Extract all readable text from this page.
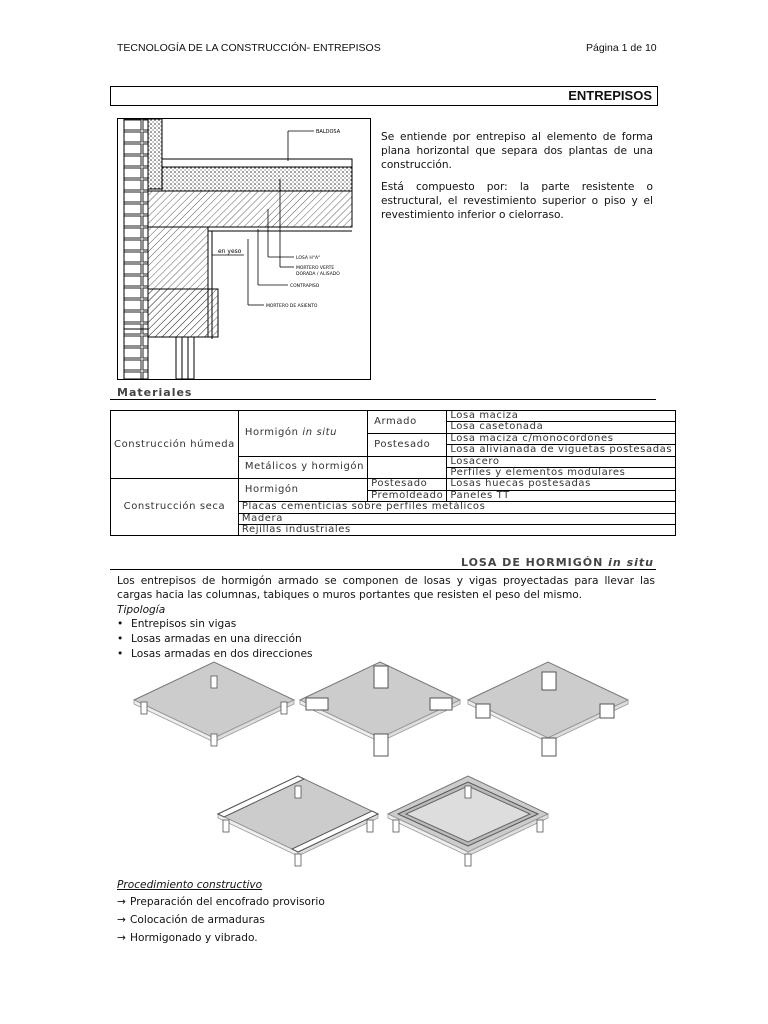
TECNOLOGÍA DE LA CONSTRUCCIÓN- ENTREPISOS	Página 1 de 10
ENTREPISOS
BALDOSA
en yeso
LOSA H°A°
MORTERO VERTE
DORADA / ALISADO
CONTRAPISO
MORTERO DE ASIENTO

Se entiende por entrepiso al elemento de forma plana horizontal que separa dos plantas de una construcción.

Está compuesto por: la parte resistente o estructural, el revestimiento superior o piso y el revestimiento inferior o cielorraso.

Materiales
Construcción húmeda	Hormigón in situ	Armado	Losa maciza
			Losa casetonada
		Postesado	Losa maciza c/monocordones
			Losa alivianada de viguetas postesadas
	Metálicos y hormigón		Losacero
			Perfiles y elementos modulares
Construcción seca	Hormigón	Postesado	Losas huecas postesadas
		Premoldeado	Paneles TT
	Placas cementicias sobre perfiles metálicos		
	Madera		
	Rejillas industriales		
LOSA DE HORMIGÓN in situ
Los entrepisos de hormigón armado se componen de losas y vigas proyectadas para llevar las cargas hacia las columnas, tabiques o muros portantes que resisten el peso del mismo.
Tipología
• Entrepisos sin vigas
• Losas armadas en una dirección
• Losas armadas en dos direcciones
Procedimiento constructivo
→ Preparación del encofrado provisorio
→ Colocación de armaduras
→ Hormigonado y vibrado.
